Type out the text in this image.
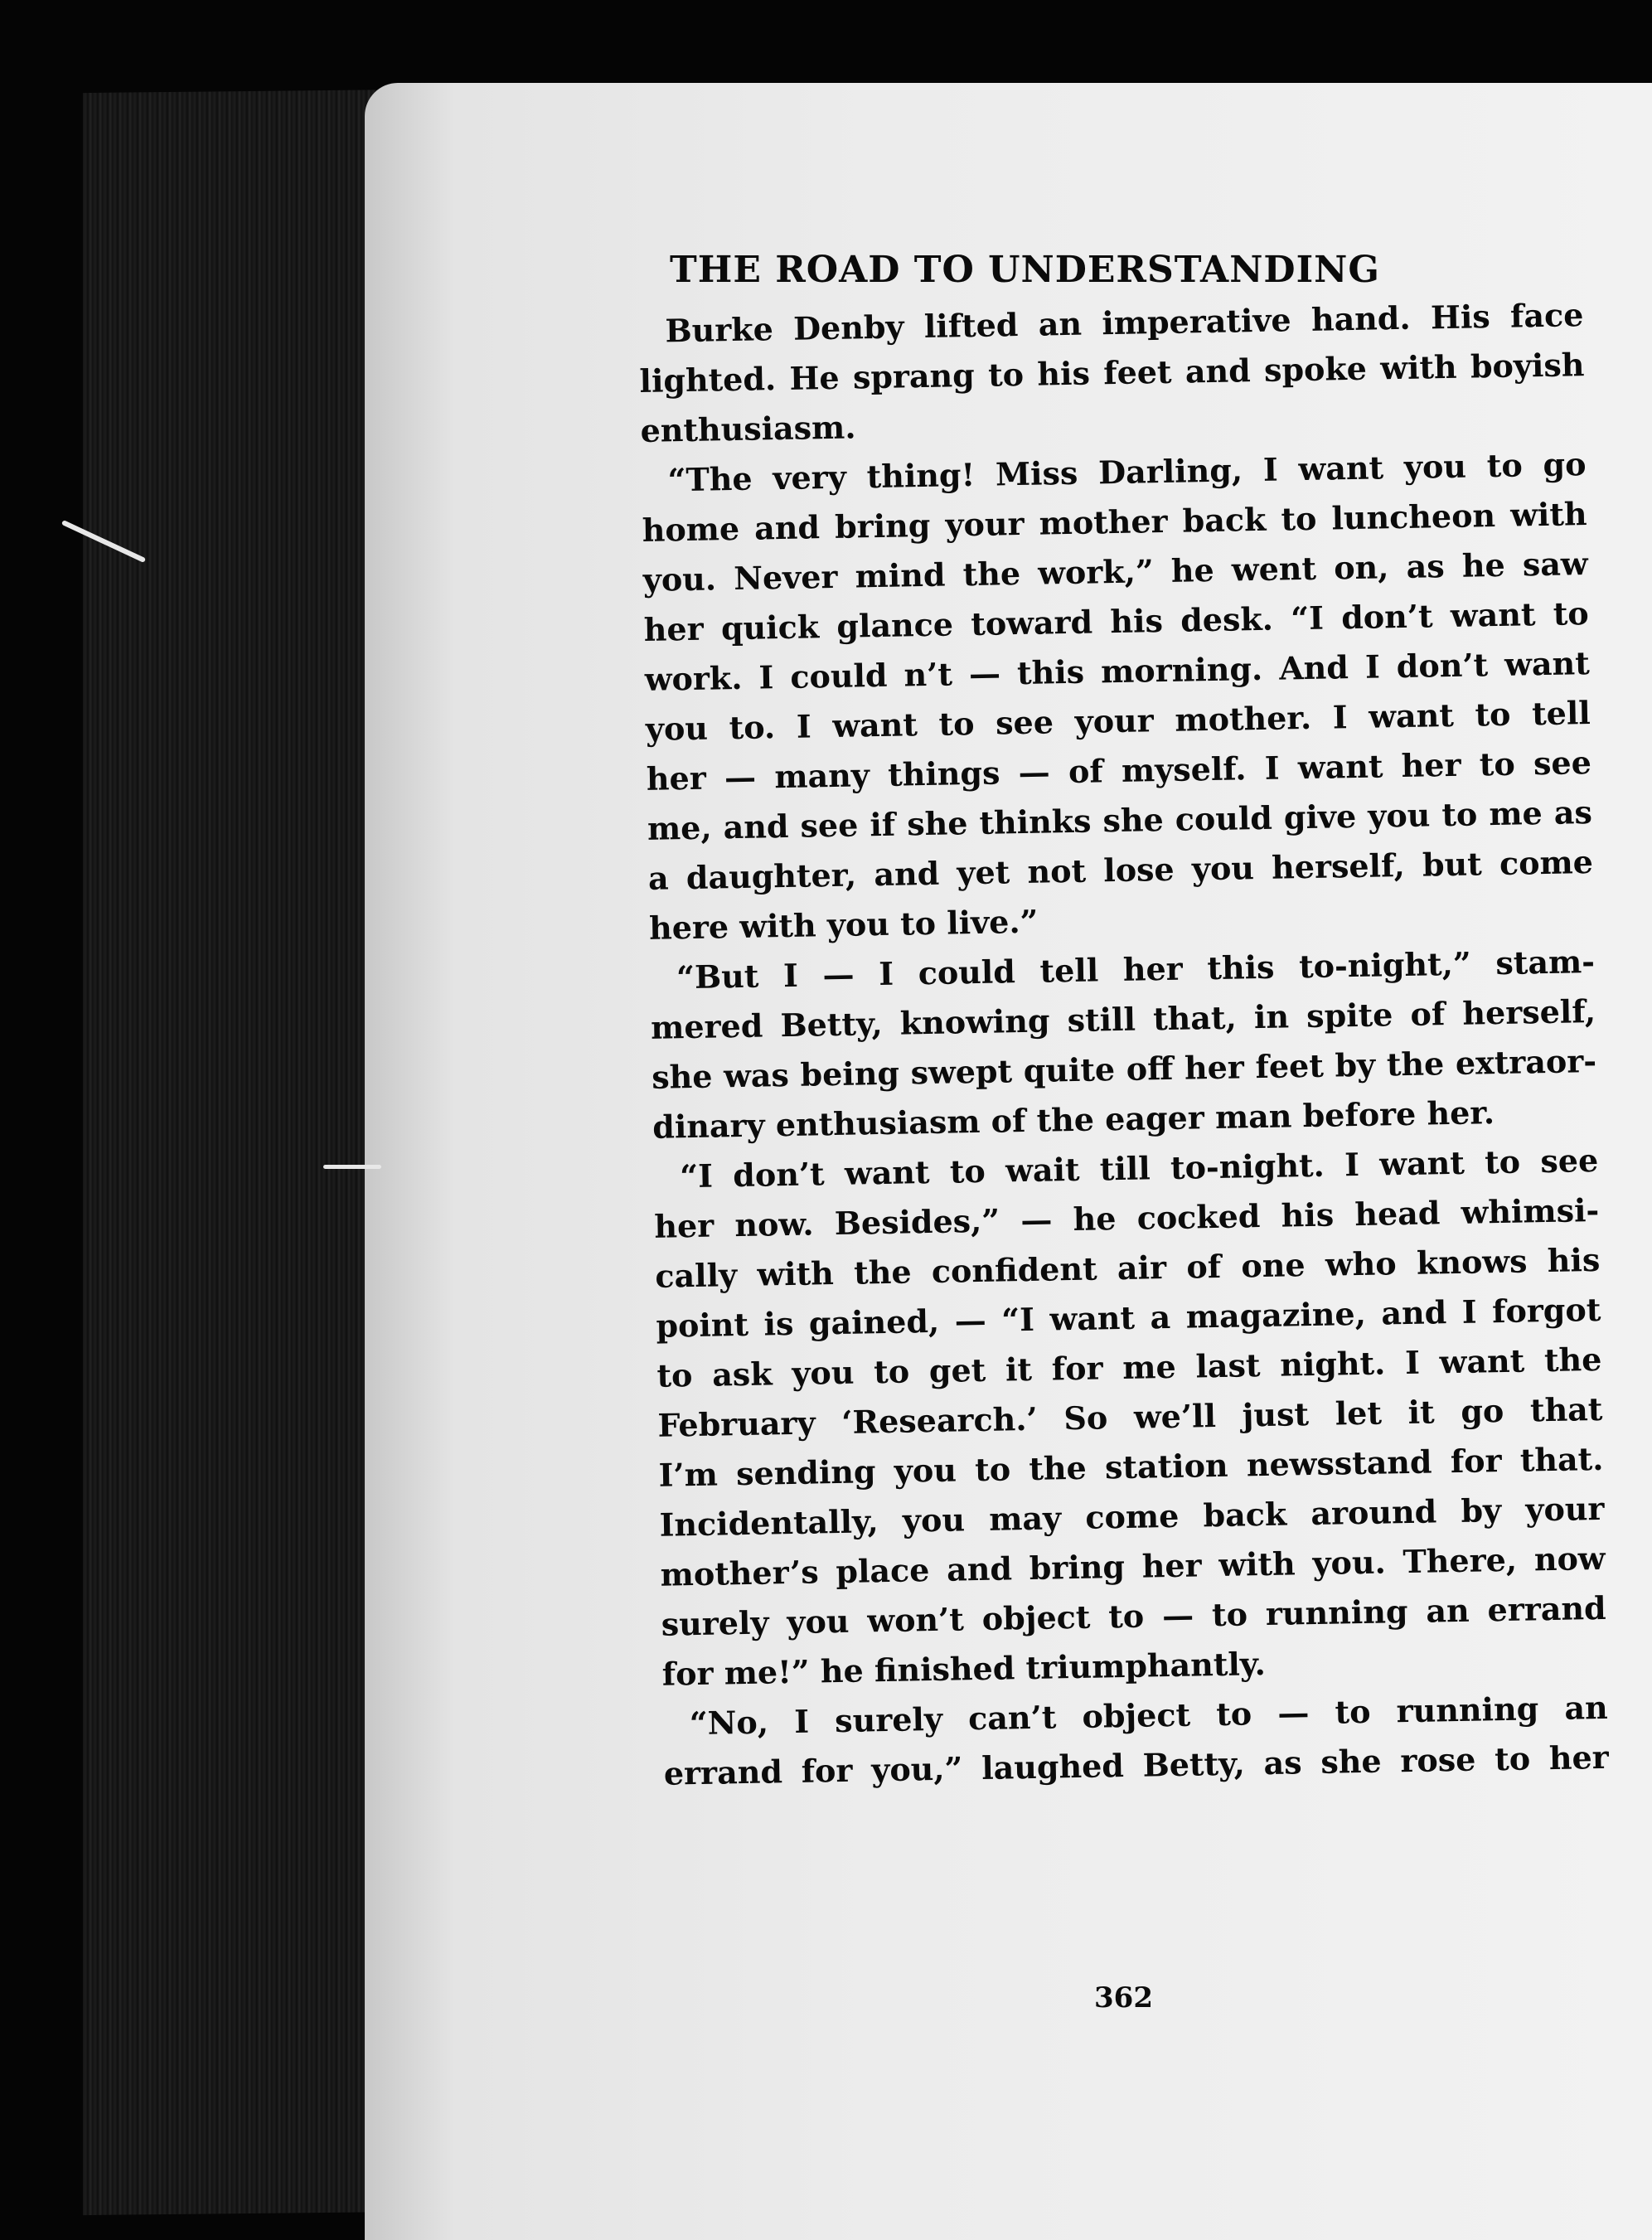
THE ROAD TO UNDERSTANDING
Burke Denby lifted an imperative hand. His face
lighted. He sprang to his feet and spoke with boyish
enthusiasm.
“The very thing! Miss Darling, I want you to go
home and bring your mother back to luncheon with
you. Never mind the work,” he went on, as he saw
her quick glance toward his desk. “I don’t want to
work. I could n’t — this morning. And I don’t want
you to. I want to see your mother. I want to tell
her — many things — of myself. I want her to see
me, and see if she thinks she could give you to me as
a daughter, and yet not lose you herself, but come
here with you to live.”
“But I — I could tell her this to-night,” stam-
mered Betty, knowing still that, in spite of herself,
she was being swept quite off her feet by the extraor-
dinary enthusiasm of the eager man before her.
“I don’t want to wait till to-night. I want to see
her now. Besides,” — he cocked his head whimsi-
cally with the confident air of one who knows his
point is gained, — “I want a magazine, and I forgot
to ask you to get it for me last night. I want the
February ‘Research.’ So we’ll just let it go that
I’m sending you to the station newsstand for that.
Incidentally, you may come back around by your
mother’s place and bring her with you. There, now
surely you won’t object to — to running an errand
for me!” he finished triumphantly.
“No, I surely can’t object to — to running an
errand for you,” laughed Betty, as she rose to her
362
